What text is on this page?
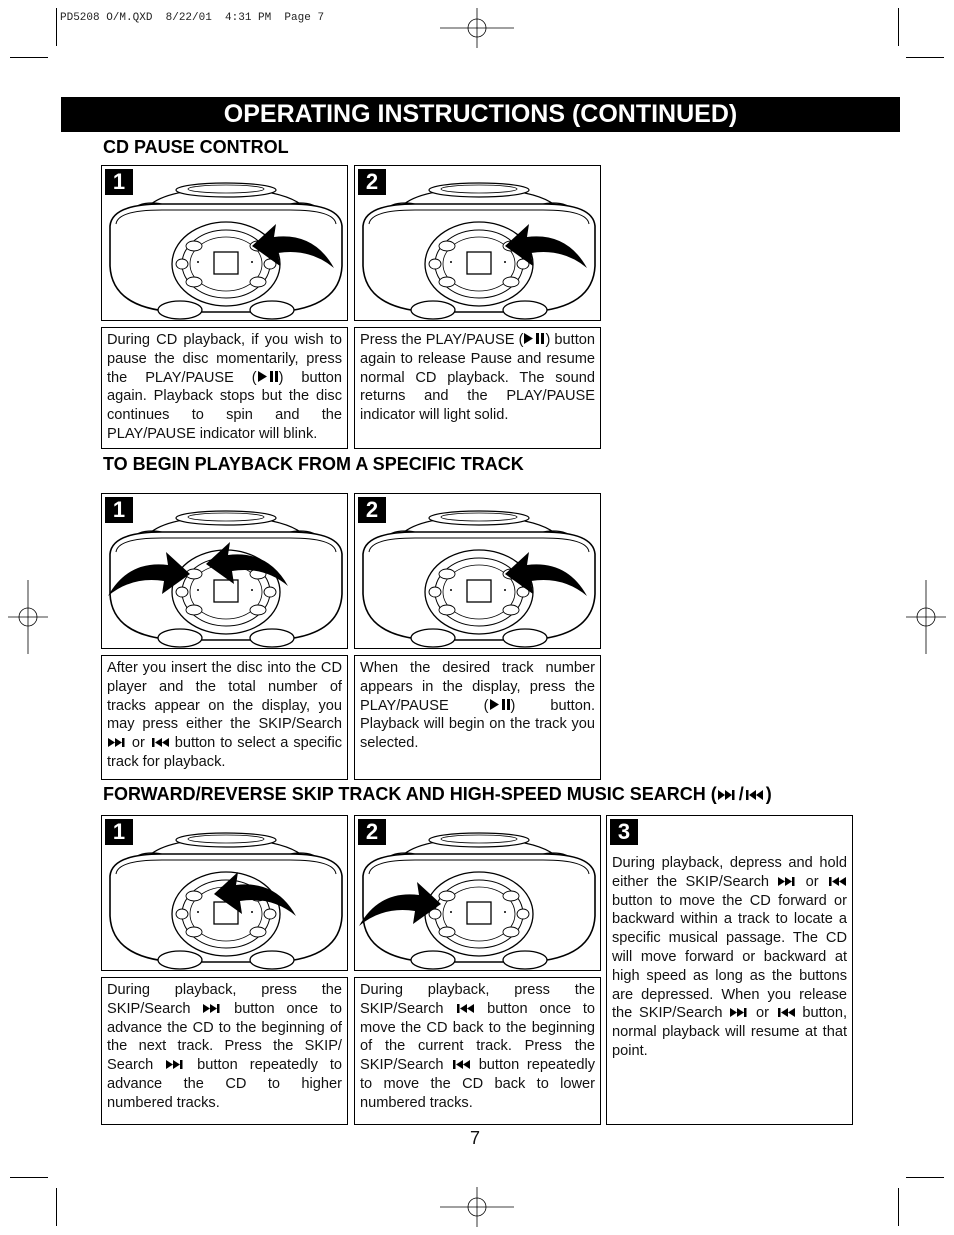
PD5208 O/M.QXD  8/22/01  4:31 PM  Page 7
OPERATING INSTRUCTIONS (CONTINUED)
CD PAUSE CONTROL
1	2
During CD playback, if you wish to pause the disc momentarily, press the PLAY/PAUSE ( ) button again. Playback stops but the disc continues to spin and the PLAY/PAUSE indicator will blink.
Press the PLAY/PAUSE ( ) button again to release Pause and resume normal CD playback. The sound returns and the PLAY/PAUSE indicator will light solid.
TO BEGIN PLAYBACK FROM A SPECIFIC TRACK
1	2
After you insert the disc into the CD player and the total number of tracks appear on the display, you may press either the SKIP/Search  or  button to select a specific track for playback.
When the desired track number appears in the display, press the PLAY/PAUSE ( ) button. Playback will begin on the track you selected.
FORWARD/REVERSE SKIP TRACK AND HIGH-SPEED MUSIC SEARCH ( / )
1	2	3
During playback, depress and hold either the SKIP/Search  or  button to move the CD forward or backward within a track to locate a specific musical passage. The CD will move forward or backward at high speed as long as the buttons are depressed. When you release the SKIP/Search  or  button, normal playback will resume at that point.
During playback, press the SKIP/Search  button once to advance the CD to the beginning of the next track. Press the SKIP/ Search  button repeatedly to advance the CD to higher numbered tracks.
During playback, press the SKIP/Search  button once to move the CD back to the beginning of the current track. Press the SKIP/Search  button repeatedly to move the CD back to lower numbered tracks.
7
